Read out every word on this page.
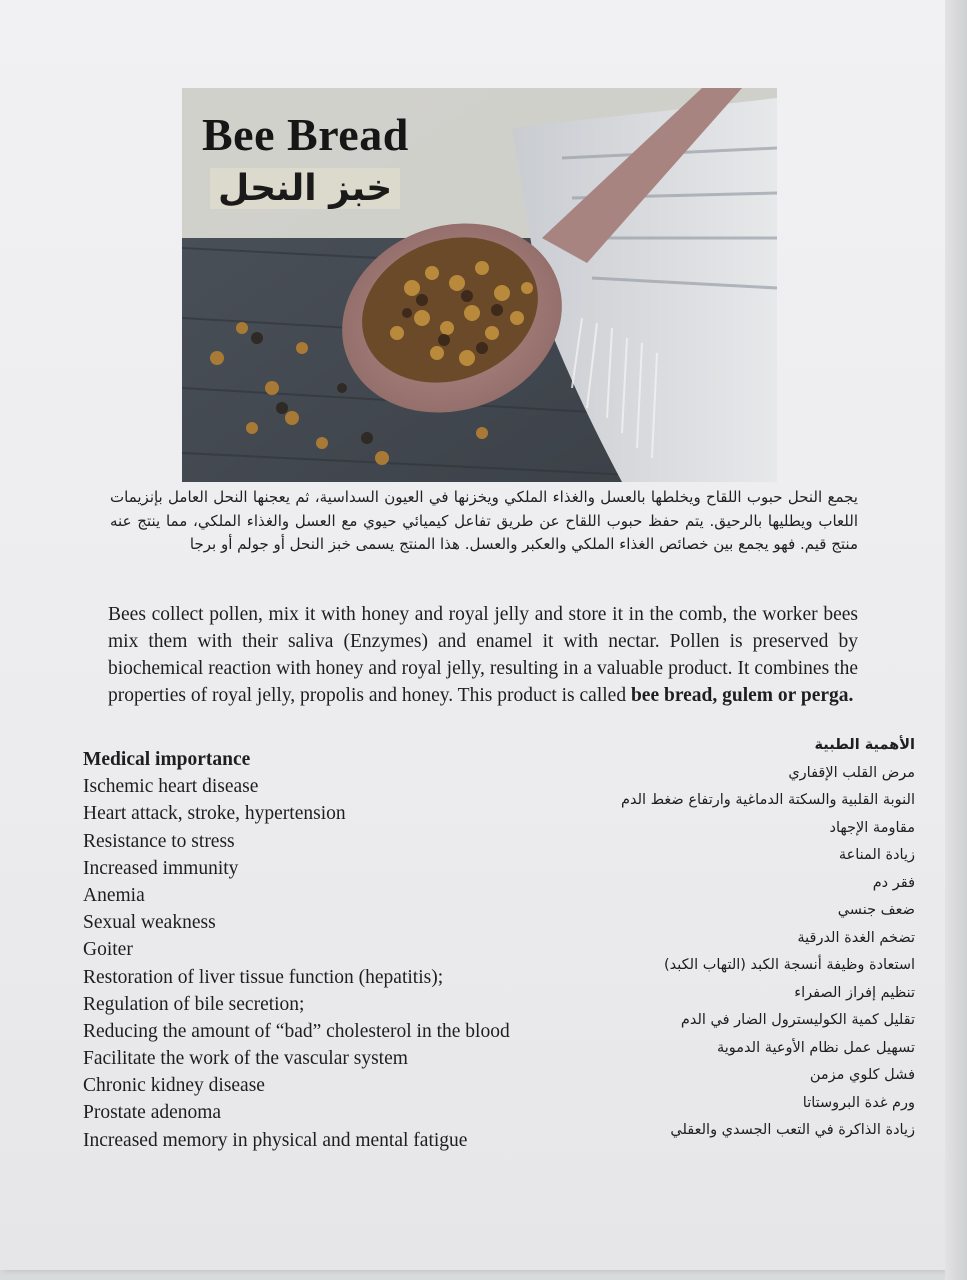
Bee Bread
خبز النحل
يجمع النحل حبوب اللقاح ويخلطها بالعسل والغذاء الملكي ويخزنها في العيون السداسية، ثم يعجنها النحل العامل بإنزيمات اللعاب ويطليها بالرحيق. يتم حفظ حبوب اللقاح عن طريق تفاعل كيميائي حيوي مع العسل والغذاء الملكي، مما ينتج عنه منتج قيم. فهو يجمع بين خصائص الغذاء الملكي والعكبر والعسل. هذا المنتج يسمى خبز النحل أو جولم أو برجا
Bees collect pollen, mix it with honey and royal jelly and store it in the comb, the worker bees mix them with their saliva (Enzymes) and enamel it with nectar. Pollen is preserved by biochemical reaction with honey and royal jelly, resulting in a valuable product. It combines the properties of royal jelly, propolis and honey. This product is called bee bread, gulem or perga.
Medical importance
Ischemic heart disease
Heart attack, stroke, hypertension
Resistance to stress
Increased immunity
Anemia
Sexual weakness
Goiter
Restoration of liver tissue function (hepatitis);
Regulation of bile secretion;
Reducing the amount of “bad” cholesterol in the blood
Facilitate the work of the vascular system
Chronic kidney disease
Prostate adenoma
Increased memory in physical and mental fatigue
الأهمية الطبية
مرض القلب الإقفاري
النوبة القلبية والسكتة الدماغية وارتفاع ضغط الدم
مقاومة الإجهاد
زيادة المناعة
فقر دم
ضعف جنسي
تضخم الغدة الدرقية
استعادة وظيفة أنسجة الكبد (التهاب الكبد)
تنظيم إفراز الصفراء
تقليل كمية الكوليسترول الضار في الدم
تسهيل عمل نظام الأوعية الدموية
فشل كلوي مزمن
ورم غدة البروستاتا
زيادة الذاكرة في التعب الجسدي والعقلي
